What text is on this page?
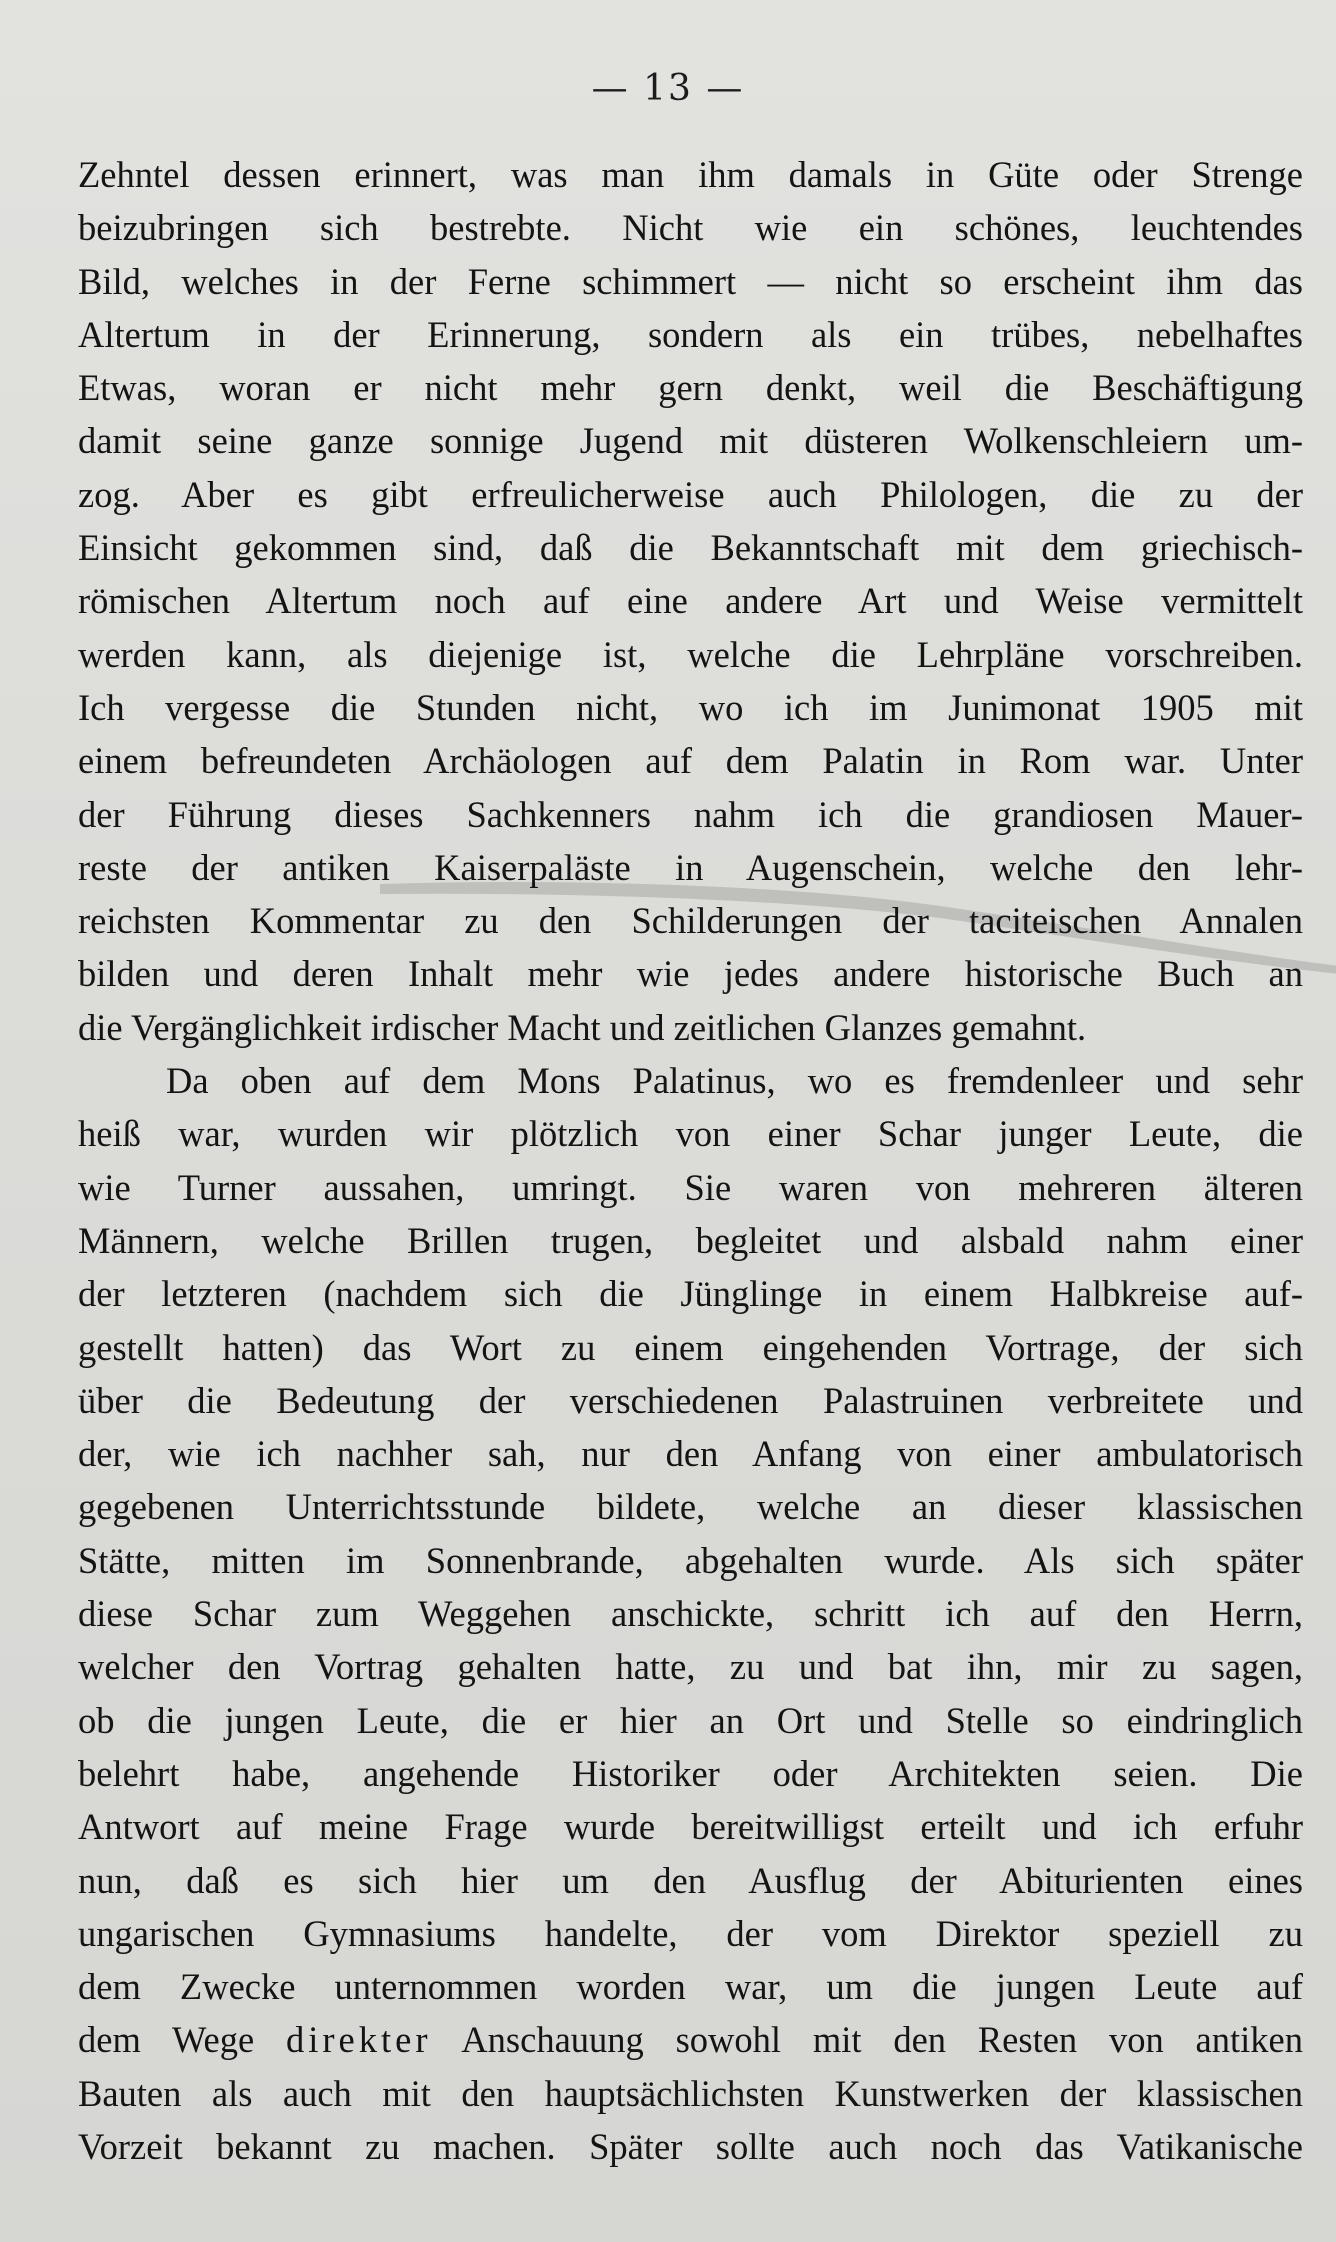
— 13 —
Zehntel dessen erinnert, was man ihm damals in Güte oder Strenge
beizubringen sich bestrebte. Nicht wie ein schönes, leuchtendes
Bild, welches in der Ferne schimmert — nicht so erscheint ihm das
Altertum in der Erinnerung, sondern als ein trübes, nebelhaftes
Etwas, woran er nicht mehr gern denkt, weil die Beschäftigung
damit seine ganze sonnige Jugend mit düsteren Wolkenschleiern um-
zog. Aber es gibt erfreulicherweise auch Philologen, die zu der
Einsicht gekommen sind, daß die Bekanntschaft mit dem griechisch-
römischen Altertum noch auf eine andere Art und Weise vermittelt
werden kann, als diejenige ist, welche die Lehrpläne vorschreiben.
Ich vergesse die Stunden nicht, wo ich im Junimonat 1905 mit
einem befreundeten Archäologen auf dem Palatin in Rom war. Unter
der Führung dieses Sachkenners nahm ich die grandiosen Mauer-
reste der antiken Kaiserpaläste in Augenschein, welche den lehr-
reichsten Kommentar zu den Schilderungen der taciteischen Annalen
bilden und deren Inhalt mehr wie jedes andere historische Buch an
die Vergänglichkeit irdischer Macht und zeitlichen Glanzes gemahnt.
Da oben auf dem Mons Palatinus, wo es fremdenleer und sehr
heiß war, wurden wir plötzlich von einer Schar junger Leute, die
wie Turner aussahen, umringt. Sie waren von mehreren älteren
Männern, welche Brillen trugen, begleitet und alsbald nahm einer
der letzteren (nachdem sich die Jünglinge in einem Halbkreise auf-
gestellt hatten) das Wort zu einem eingehenden Vortrage, der sich
über die Bedeutung der verschiedenen Palastruinen verbreitete und
der, wie ich nachher sah, nur den Anfang von einer ambulatorisch
gegebenen Unterrichtsstunde bildete, welche an dieser klassischen
Stätte, mitten im Sonnenbrande, abgehalten wurde. Als sich später
diese Schar zum Weggehen anschickte, schritt ich auf den Herrn,
welcher den Vortrag gehalten hatte, zu und bat ihn, mir zu sagen,
ob die jungen Leute, die er hier an Ort und Stelle so eindringlich
belehrt habe, angehende Historiker oder Architekten seien. Die
Antwort auf meine Frage wurde bereitwilligst erteilt und ich erfuhr
nun, daß es sich hier um den Ausflug der Abiturienten eines
ungarischen Gymnasiums handelte, der vom Direktor speziell zu
dem Zwecke unternommen worden war, um die jungen Leute auf
dem Wege direkter Anschauung sowohl mit den Resten von antiken
Bauten als auch mit den hauptsächlichsten Kunstwerken der klassischen
Vorzeit bekannt zu machen. Später sollte auch noch das Vatikanische
